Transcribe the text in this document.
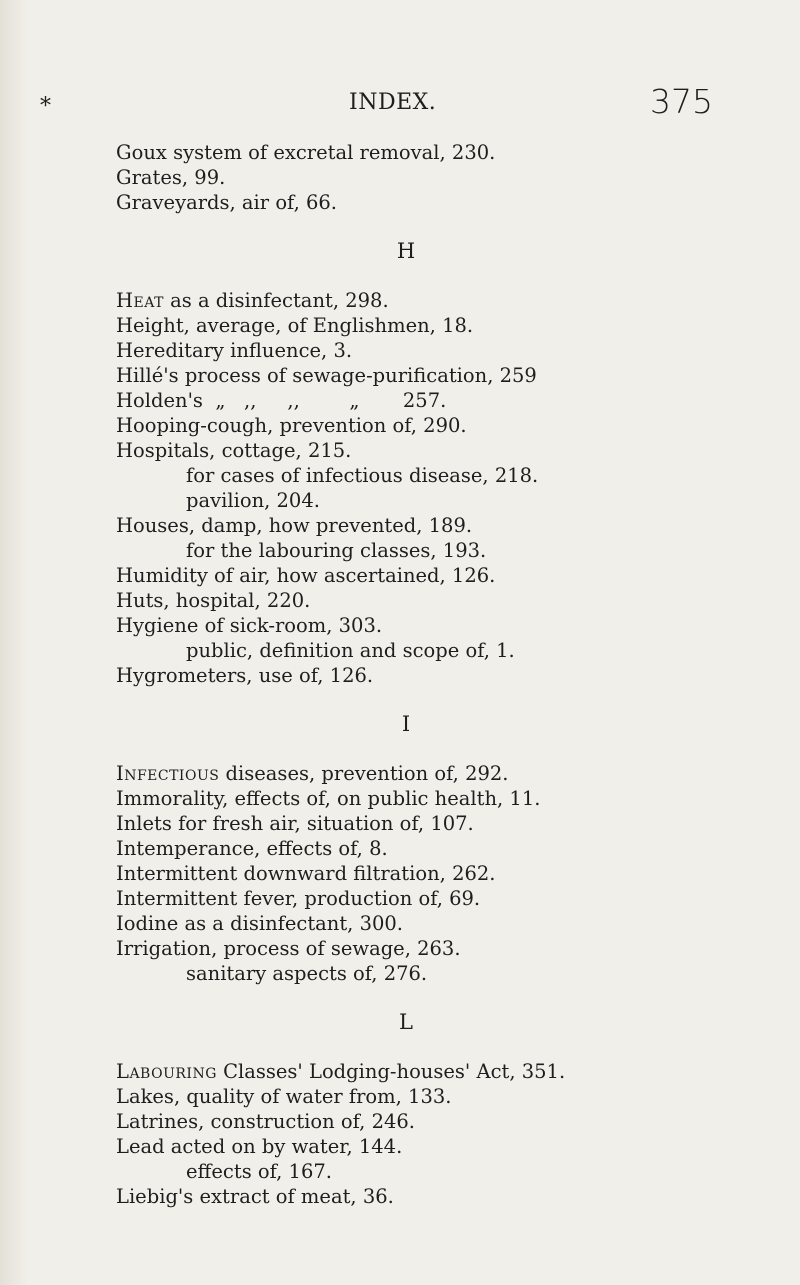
*	INDEX.	375
Goux system of excretal removal, 230.
Grates, 99.
Graveyards, air of, 66.
H
Heat as a disinfectant, 298.
Height, average, of Englishmen, 18.
Hereditary influence, 3.
Hillé's process of sewage-purification, 259
Holden's  „   ,,     ,,        „       257.
Hooping-cough, prevention of, 290.
Hospitals, cottage, 215.
for cases of infectious disease, 218.
pavilion, 204.
Houses, damp, how prevented, 189.
for the labouring classes, 193.
Humidity of air, how ascertained, 126.
Huts, hospital, 220.
Hygiene of sick-room, 303.
public, definition and scope of, 1.
Hygrometers, use of, 126.
I
Infectious diseases, prevention of, 292.
Immorality, effects of, on public health, 11.
Inlets for fresh air, situation of, 107.
Intemperance, effects of, 8.
Intermittent downward filtration, 262.
Intermittent fever, production of, 69.
Iodine as a disinfectant, 300.
Irrigation, process of sewage, 263.
sanitary aspects of, 276.
L
Labouring Classes' Lodging-houses' Act, 351.
Lakes, quality of water from, 133.
Latrines, construction of, 246.
Lead acted on by water, 144.
effects of, 167.
Liebig's extract of meat, 36.
